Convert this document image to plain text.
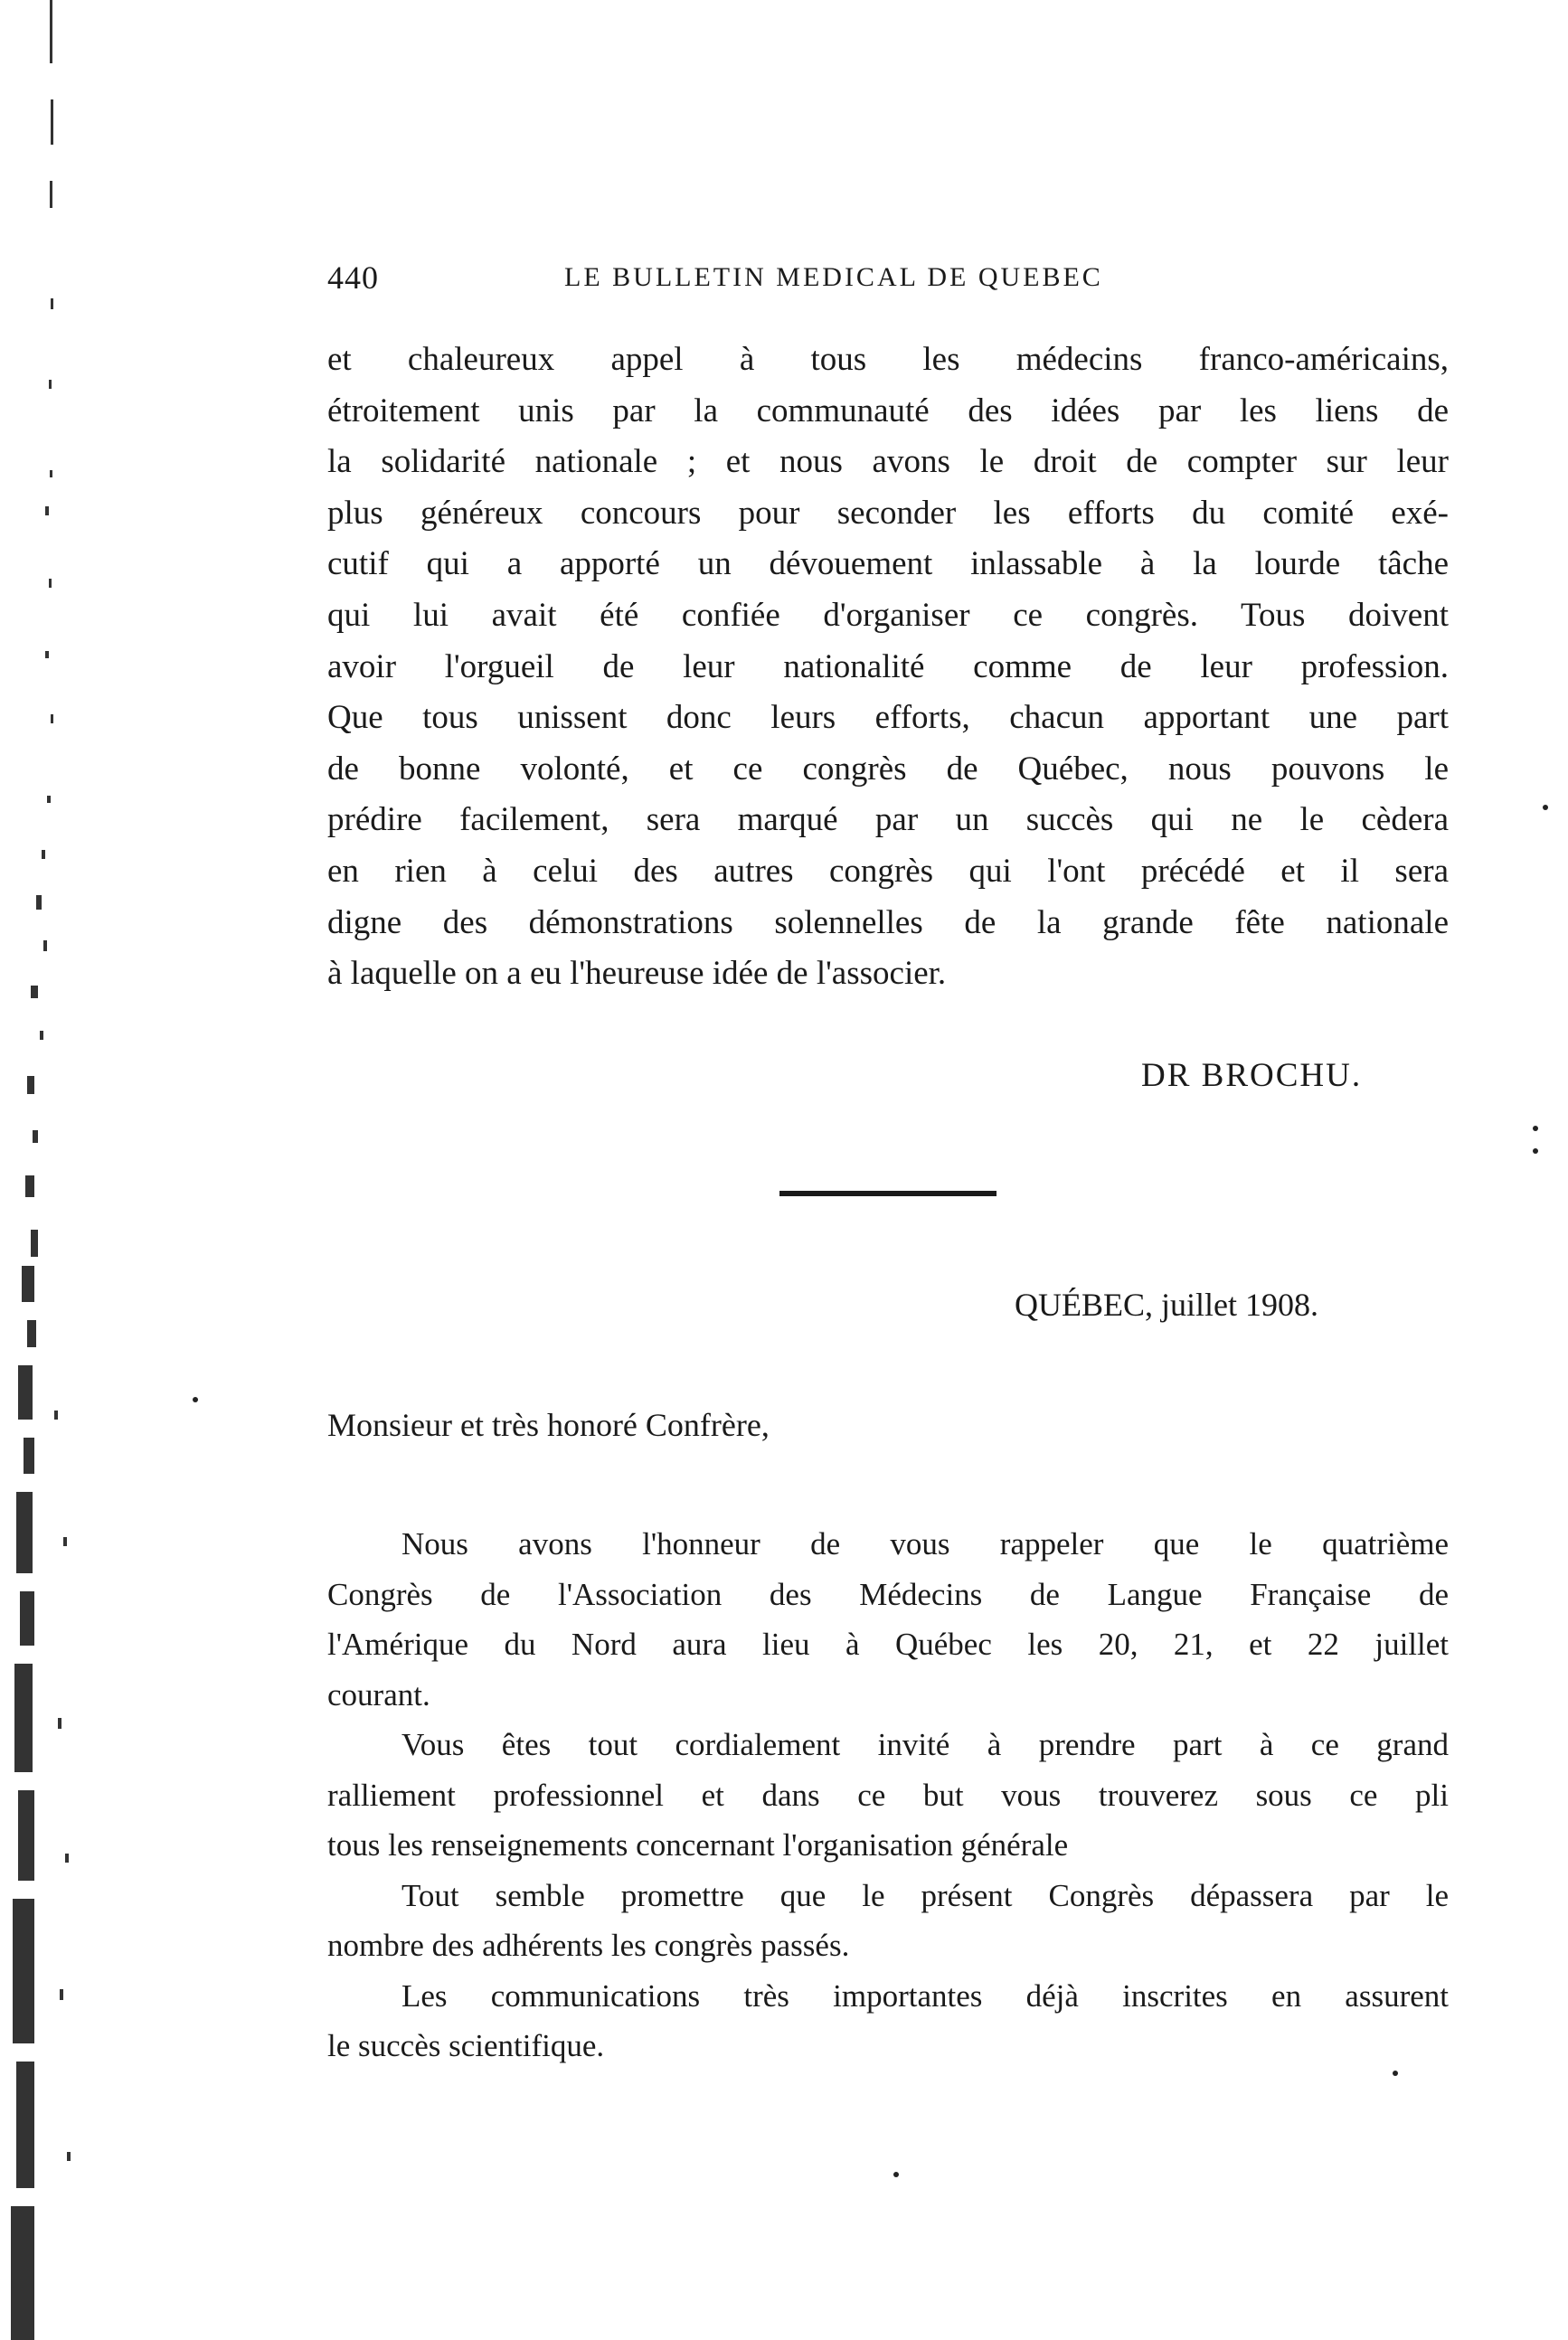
440	LE BULLETIN MEDICAL DE QUEBEC
et chaleureux appel à tous les médecins franco-américains,
étroitement unis par la communauté des idées par les liens de
la solidarité nationale ; et nous avons le droit de compter sur leur
plus généreux concours pour seconder les efforts du comité exé-
cutif qui a apporté un dévouement inlassable à la lourde tâche
qui lui avait été confiée d'organiser ce congrès. Tous doivent
avoir l'orgueil de leur nationalité comme de leur profession.
Que tous unissent donc leurs efforts, chacun apportant une part
de bonne volonté, et ce congrès de Québec, nous pouvons le
prédire facilement, sera marqué par un succès qui ne le cèdera
en rien à celui des autres congrès qui l'ont précédé et il sera
digne des démonstrations solennelles de la grande fête nationale
à laquelle on a eu l'heureuse idée de l'associer.
DR BROCHU.
QUÉBEC, juillet 1908.
Monsieur et très honoré Confrère,
Nous avons l'honneur de vous rappeler que le quatrième
Congrès de l'Association des Médecins de Langue Française de
l'Amérique du Nord aura lieu à Québec les 20, 21, et 22 juillet
courant.
Vous êtes tout cordialement invité à prendre part à ce grand
ralliement professionnel et dans ce but vous trouverez sous ce pli
tous les renseignements concernant l'organisation générale
Tout semble promettre que le présent Congrès dépassera par le
nombre des adhérents les congrès passés.
Les communications très importantes déjà inscrites en assurent
le succès scientifique.
